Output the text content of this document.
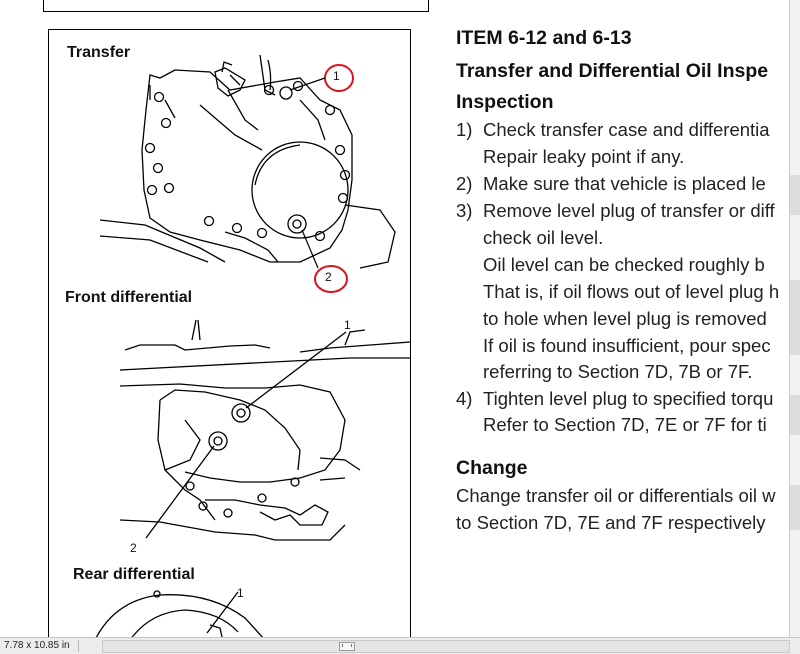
Transfer
Front differential
Rear differential
1
2
1
2
1
ITEM 6-12 and 6-13
Transfer and Differential Oil Inspe
Inspection
1) Check transfer case and differentia
Repair leaky point if any.
2) Make sure that vehicle is placed le
3) Remove level plug of transfer or diff
check oil level.
Oil level can be checked roughly b
That is, if oil flows out of level plug h
to hole when level plug is removed
If oil is found insufficient, pour spec
referring to Section 7D, 7B or 7F.
4) Tighten level plug to specified torqu
Refer to Section 7D, 7E or 7F for ti
Change
Change transfer oil or differentials oil w
to Section 7D, 7E and 7F respectively
7.78 x 10.85 in
